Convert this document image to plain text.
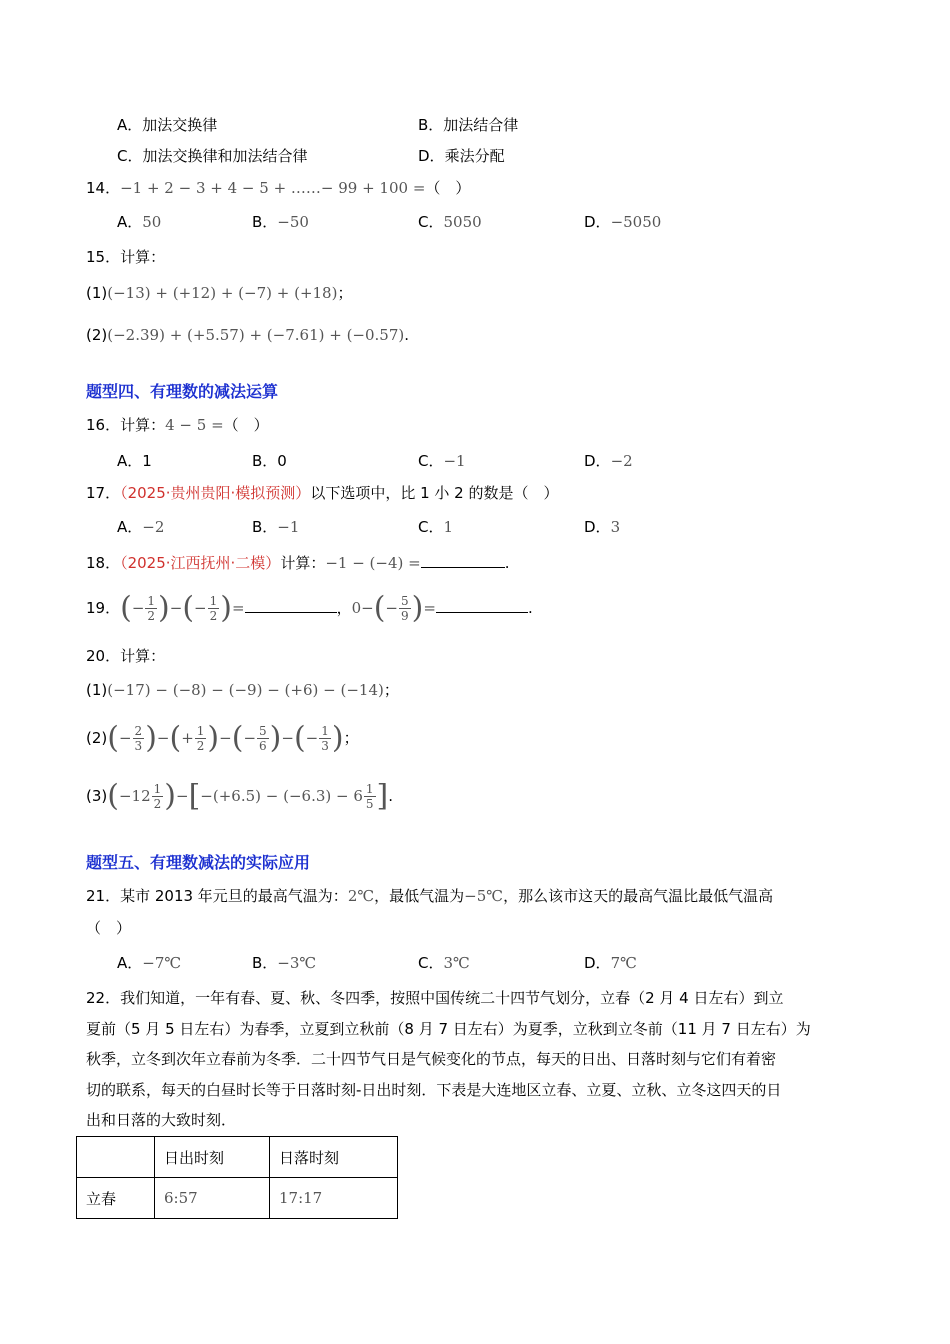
A．加法交换律	B．加法结合律
C．加法交换律和加法结合律	D．乘法分配
14．−1 + 2 − 3 + 4 − 5 + ……− 99 + 100 =（　）
A．50	B．−50	C．5050	D．−5050
15．计算：
(1)(−13) + (+12) + (−7) + (+18)；
(2)(−2.39) + (+5.57) + (−7.61) + (−0.57).
题型四、有理数的减法运算
16．计算：4 − 5 =（　）
A．1	B．0	C．−1	D．−2
17．（2025·贵州贵阳·模拟预测）以下选项中，比 1 小 2 的数是（　）
A．−2	B．−1	C．1	D．3
18．（2025·江西抚州·二模）计算：−1 − (−4) =	.
19．(− $\frac{1}{2}$ )−(− $\frac{1}{2}$ )=	，$0-(- \frac{5}{9}$ )=	.
20．计算：
(1)(−17) − (−8) − (−9) − (+6) − (−14)；
$(2)(- \frac{2}{3}$ )−(+ $\frac{1}{2}$ )−(− $\frac{5}{6}$ )−(− $\frac{1}{3}$ )；
$(3)(-12 \frac{1}{2} )-[-(+6.5) - (-6.3) - 6 \frac{1}{5}$ ].
题型五、有理数减法的实际应用
21．某市 2013 年元旦的最高气温为：2℃，最低气温为−5℃，那么该市这天的最高气温比最低气温高
（　）
A．−7℃	B．−3℃	C．3℃	D．7℃
22．我们知道，一年有春、夏、秋、冬四季，按照中国传统二十四节气划分，立春（2 月 4 日左右）到立
夏前（5 月 5 日左右）为春季，立夏到立秋前（8 月 7 日左右）为夏季，立秋到立冬前（11 月 7 日左右）为
秋季，立冬到次年立春前为冬季．二十四节气日是气候变化的节点，每天的日出、日落时刻与它们有着密
切的联系，每天的白昼时长等于日落时刻-日出时刻．下表是大连地区立春、立夏、立秋、立冬这四天的日
出和日落的大致时刻．
	日出时刻	日落时刻
立春	6:57	17:17
